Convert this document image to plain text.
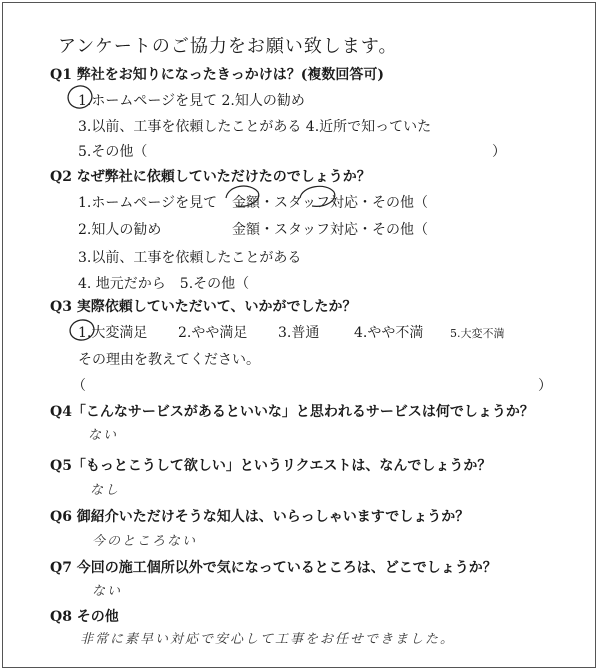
アンケートのご協力をお願い致します。
Q1 弊社をお知りになったきっかけは？(複数回答可)
1.ホームページを見て 2.知人の勧め
3.以前、工事を依頼したことがある 4.近所で知っていた
5.その他（	）
Q2 なぜ弊社に依頼していただけたのでしょうか？
1.ホームページを見て 金額・スタッフ対応・その他（
2.知人の勧め	金額・スタッフ対応・その他（
3.以前、工事を依頼したことがある
4. 地元だから　5.その他（
Q3 実際依頼していただいて、いかがでしたか？
1.大変満足 2.やや満足 3.普通 4.やや不満 5.大変不満
その理由を教えてください。
（	）
Q4「こんなサービスがあるといいな」と思われるサービスは何でしょうか？
ない
Q5「もっとこうして欲しい」というリクエストは、なんでしょうか？
なし
Q6 御紹介いただけそうな知人は、いらっしゃいますでしょうか？
今のところない
Q7 今回の施工個所以外で気になっているところは、どこでしょうか？
ない
Q8 その他
非常に素早い対応で安心して工事をお任せできました。
